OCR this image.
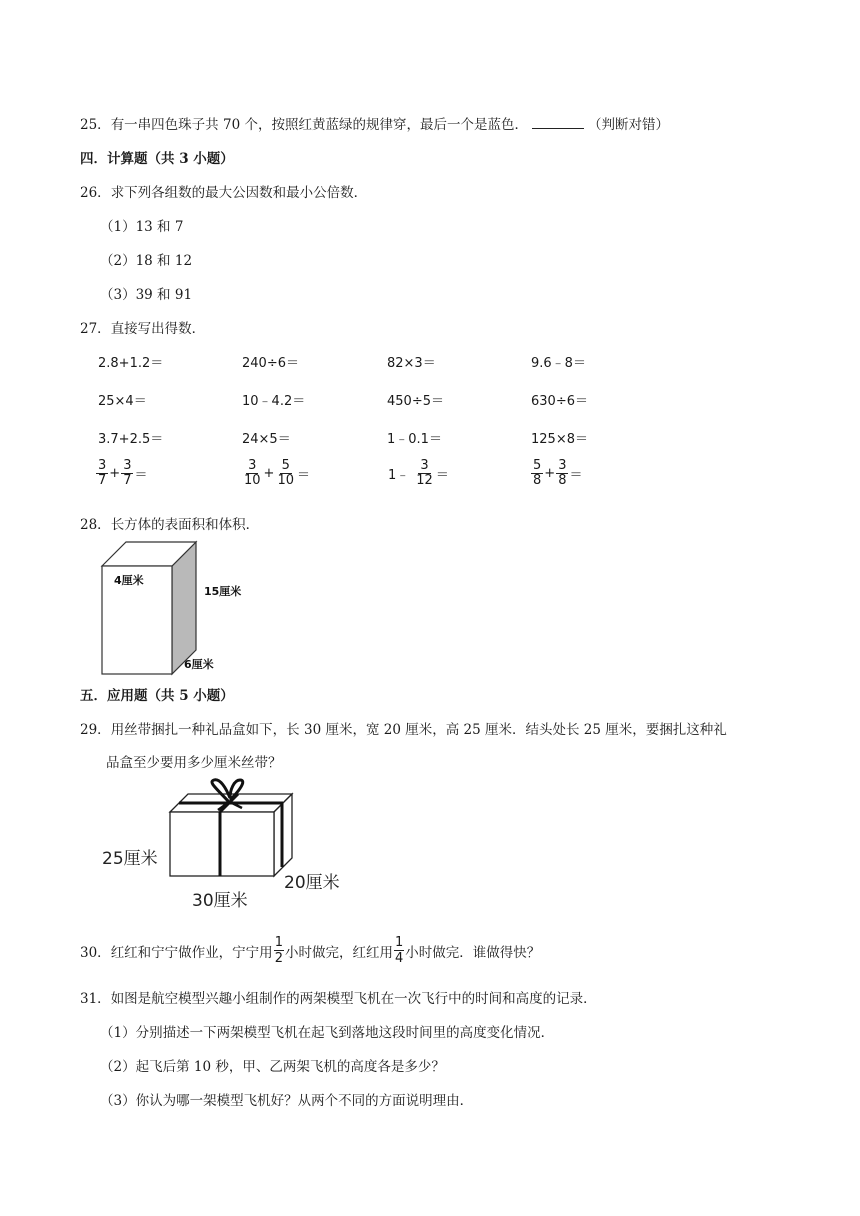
25．有一串四色珠子共 70 个，按照红黄蓝绿的规律穿，最后一个是蓝色．	（判断对错）
四．计算题（共 3 小题）
26．求下列各组数的最大公因数和最小公倍数．
（1）13 和 7
（2）18 和 12
（3）39 和 91
27．直接写出得数．
2.8+1.2＝	240÷6＝	82×3＝	9.6﹣8＝
25×4＝	10﹣4.2＝	450÷5＝	630÷6＝
3.7+2.5＝	24×5＝	1﹣0.1＝	125×8＝
$\frac{3}{7} + \frac{3}{7}$ ＝	$\frac{3}{10} + \frac{5}{10}$ ＝	1﹣ $\frac{3}{12}$ ＝	$\frac{5}{8} + \frac{3}{8}$ ＝
28．长方体的表面积和体积．
4厘米
15厘米
6厘米
五．应用题（共 5 小题）
29．用丝带捆扎一种礼品盒如下，长 30 厘米，宽 20 厘米，高 25 厘米．结头处长 25 厘米，要捆扎这种礼
品盒至少要用多少厘米丝带？
25厘米
30厘米
20厘米
30． 红红和宁宁做作业，宁宁用 $\frac{1}{2}$ 小时做完，红红用 $\frac{1}{4}$ 小时做完．谁做得快？
31．如图是航空模型兴趣小组制作的两架模型飞机在一次飞行中的时间和高度的记录．
（1）分别描述一下两架模型飞机在起飞到落地这段时间里的高度变化情况．
（2）起飞后第 10 秒，甲、乙两架飞机的高度各是多少？
（3）你认为哪一架模型飞机好？从两个不同的方面说明理由．
